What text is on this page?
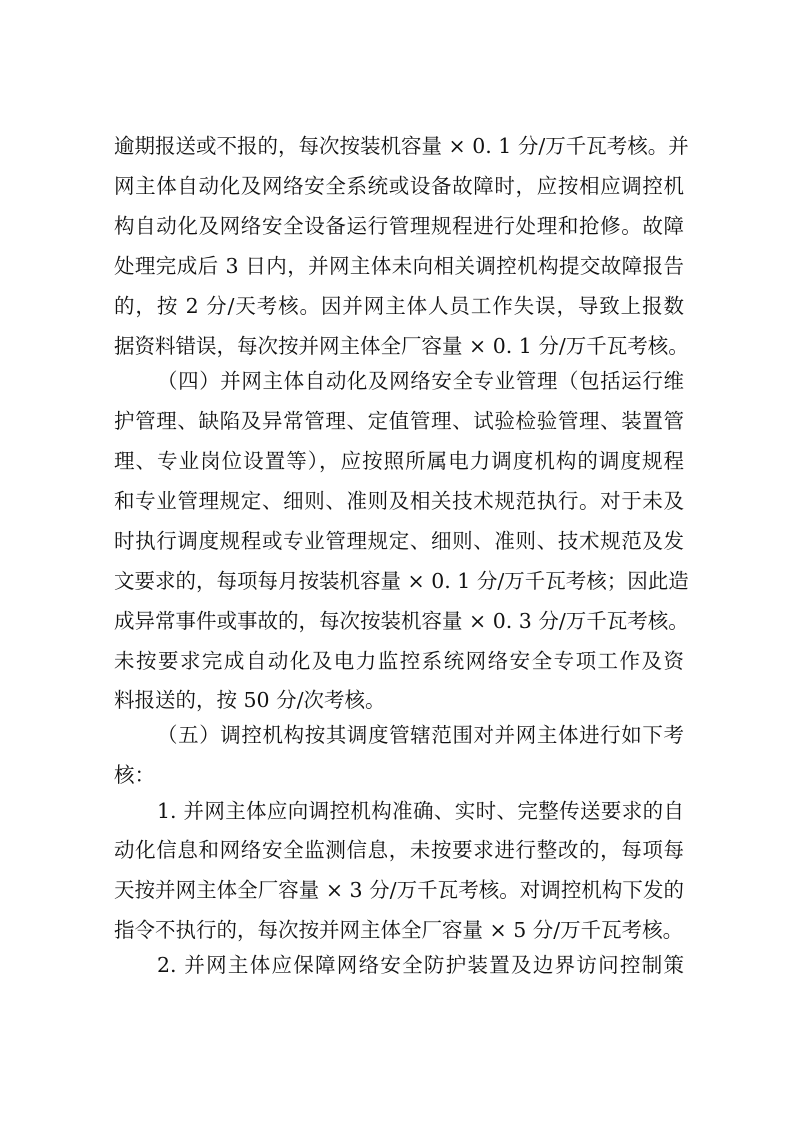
逾期报送或不报的，每次按装机容量 × 0. 1 分/万千瓦考核。并
网主体自动化及网络安全系统或设备故障时，应按相应调控机
构自动化及网络安全设备运行管理规程进行处理和抢修。故障
处理完成后 3 日内，并网主体未向相关调控机构提交故障报告
的，按 2 分/天考核。因并网主体人员工作失误，导致上报数
据资料错误，每次按并网主体全厂容量 × 0. 1 分/万千瓦考核。
（四）并网主体自动化及网络安全专业管理（包括运行维
护管理、缺陷及异常管理、定值管理、试验检验管理、装置管
理、专业岗位设置等），应按照所属电力调度机构的调度规程
和专业管理规定、细则、准则及相关技术规范执行。对于未及
时执行调度规程或专业管理规定、细则、准则、技术规范及发
文要求的，每项每月按装机容量 × 0. 1 分/万千瓦考核；因此造
成异常事件或事故的，每次按装机容量 × 0. 3 分/万千瓦考核。
未按要求完成自动化及电力监控系统网络安全专项工作及资
料报送的，按 50 分/次考核。
（五）调控机构按其调度管辖范围对并网主体进行如下考
核：
1. 并网主体应向调控机构准确、实时、完整传送要求的自
动化信息和网络安全监测信息，未按要求进行整改的，每项每
天按并网主体全厂容量 × 3 分/万千瓦考核。对调控机构下发的
指令不执行的，每次按并网主体全厂容量 × 5 分/万千瓦考核。
2. 并网主体应保障网络安全防护装置及边界访问控制策
